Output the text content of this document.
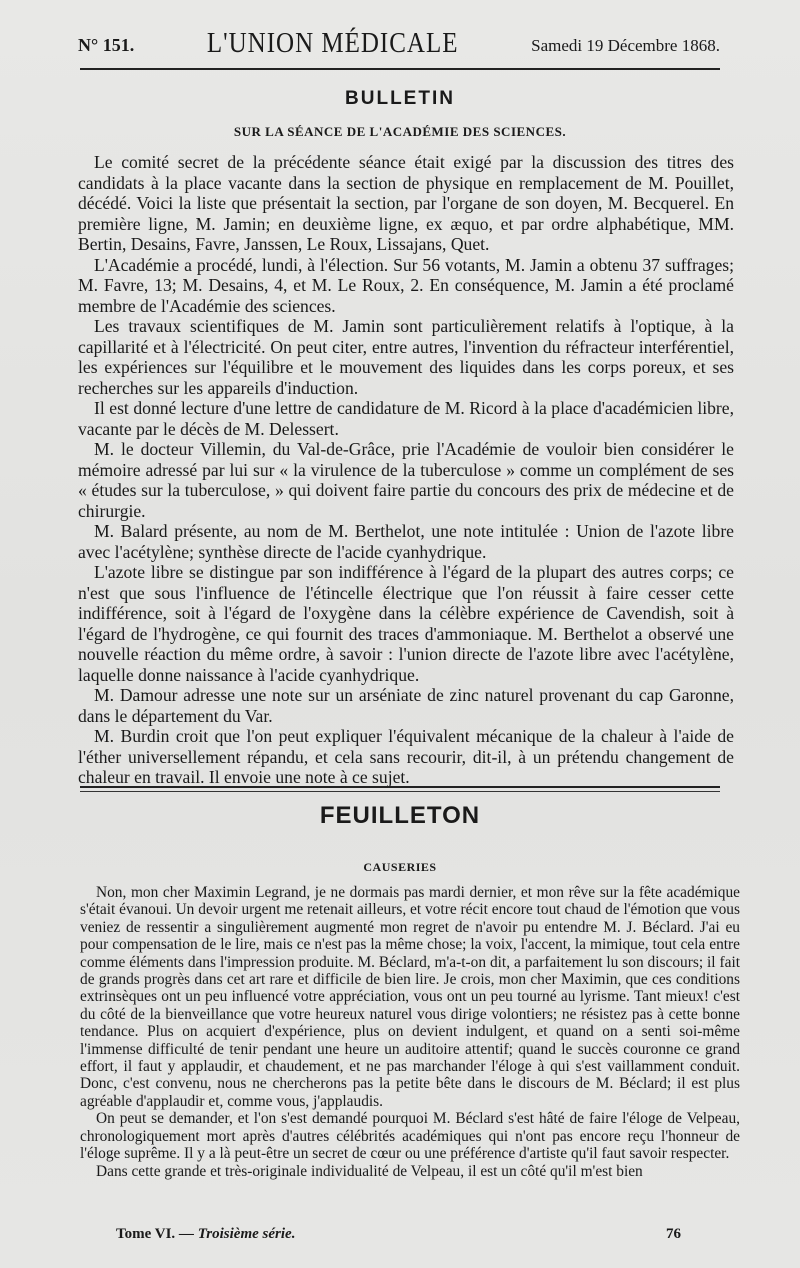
N° 151.	L'UNION MÉDICALE	Samedi 19 Décembre 1868.
BULLETIN
SUR LA SÉANCE DE L'ACADÉMIE DES SCIENCES.

Le comité secret de la précédente séance était exigé par la discussion des titres des candidats à la place vacante dans la section de physique en remplacement de M. Pouillet, décédé. Voici la liste que présentait la section, par l'organe de son doyen, M. Becquerel. En première ligne, M. Jamin; en deuxième ligne, ex æquo, et par ordre alphabétique, MM. Bertin, Desains, Favre, Janssen, Le Roux, Lissajans, Quet.

L'Académie a procédé, lundi, à l'élection. Sur 56 votants, M. Jamin a obtenu 37 suffrages; M. Favre, 13; M. Desains, 4, et M. Le Roux, 2. En conséquence, M. Jamin a été proclamé membre de l'Académie des sciences.

Les travaux scientifiques de M. Jamin sont particulièrement relatifs à l'optique, à la capillarité et à l'électricité. On peut citer, entre autres, l'invention du réfracteur interférentiel, les expériences sur l'équilibre et le mouvement des liquides dans les corps poreux, et ses recherches sur les appareils d'induction.

Il est donné lecture d'une lettre de candidature de M. Ricord à la place d'académicien libre, vacante par le décès de M. Delessert.

M. le docteur Villemin, du Val-de-Grâce, prie l'Académie de vouloir bien considérer le mémoire adressé par lui sur « la virulence de la tuberculose » comme un complément de ses « études sur la tuberculose, » qui doivent faire partie du concours des prix de médecine et de chirurgie.

M. Balard présente, au nom de M. Berthelot, une note intitulée : Union de l'azote libre avec l'acétylène; synthèse directe de l'acide cyanhydrique.

L'azote libre se distingue par son indifférence à l'égard de la plupart des autres corps; ce n'est que sous l'influence de l'étincelle électrique que l'on réussit à faire cesser cette indifférence, soit à l'égard de l'oxygène dans la célèbre expérience de Cavendish, soit à l'égard de l'hydrogène, ce qui fournit des traces d'ammoniaque. M. Berthelot a observé une nouvelle réaction du même ordre, à savoir : l'union directe de l'azote libre avec l'acétylène, laquelle donne naissance à l'acide cyanhydrique.

M. Damour adresse une note sur un arséniate de zinc naturel provenant du cap Garonne, dans le département du Var.

M. Burdin croit que l'on peut expliquer l'équivalent mécanique de la chaleur à l'aide de l'éther universellement répandu, et cela sans recourir, dit-il, à un prétendu changement de chaleur en travail. Il envoie une note à ce sujet.

FEUILLETON
CAUSERIES

Non, mon cher Maximin Legrand, je ne dormais pas mardi dernier, et mon rêve sur la fête académique s'était évanoui. Un devoir urgent me retenait ailleurs, et votre récit encore tout chaud de l'émotion que vous veniez de ressentir a singulièrement augmenté mon regret de n'avoir pu entendre M. J. Béclard. J'ai eu pour compensation de le lire, mais ce n'est pas la même chose; la voix, l'accent, la mimique, tout cela entre comme éléments dans l'impression produite. M. Béclard, m'a-t-on dit, a parfaitement lu son discours; il fait de grands progrès dans cet art rare et difficile de bien lire. Je crois, mon cher Maximin, que ces conditions extrinsèques ont un peu influencé votre appréciation, vous ont un peu tourné au lyrisme. Tant mieux! c'est du côté de la bienveillance que votre heureux naturel vous dirige volontiers; ne résistez pas à cette bonne tendance. Plus on acquiert d'expérience, plus on devient indulgent, et quand on a senti soi-même l'immense difficulté de tenir pendant une heure un auditoire attentif; quand le succès couronne ce grand effort, il faut y applaudir, et chaudement, et ne pas marchander l'éloge à qui s'est vaillamment conduit. Donc, c'est convenu, nous ne chercherons pas la petite bête dans le discours de M. Béclard; il est plus agréable d'applaudir et, comme vous, j'applaudis.

On peut se demander, et l'on s'est demandé pourquoi M. Béclard s'est hâté de faire l'éloge de Velpeau, chronologiquement mort après d'autres célébrités académiques qui n'ont pas encore reçu l'honneur de l'éloge suprême. Il y a là peut-être un secret de cœur ou une préférence d'artiste qu'il faut savoir respecter.

Dans cette grande et très-originale individualité de Velpeau, il est un côté qu'il m'est bien

Tome VI. — Troisième série.	76
